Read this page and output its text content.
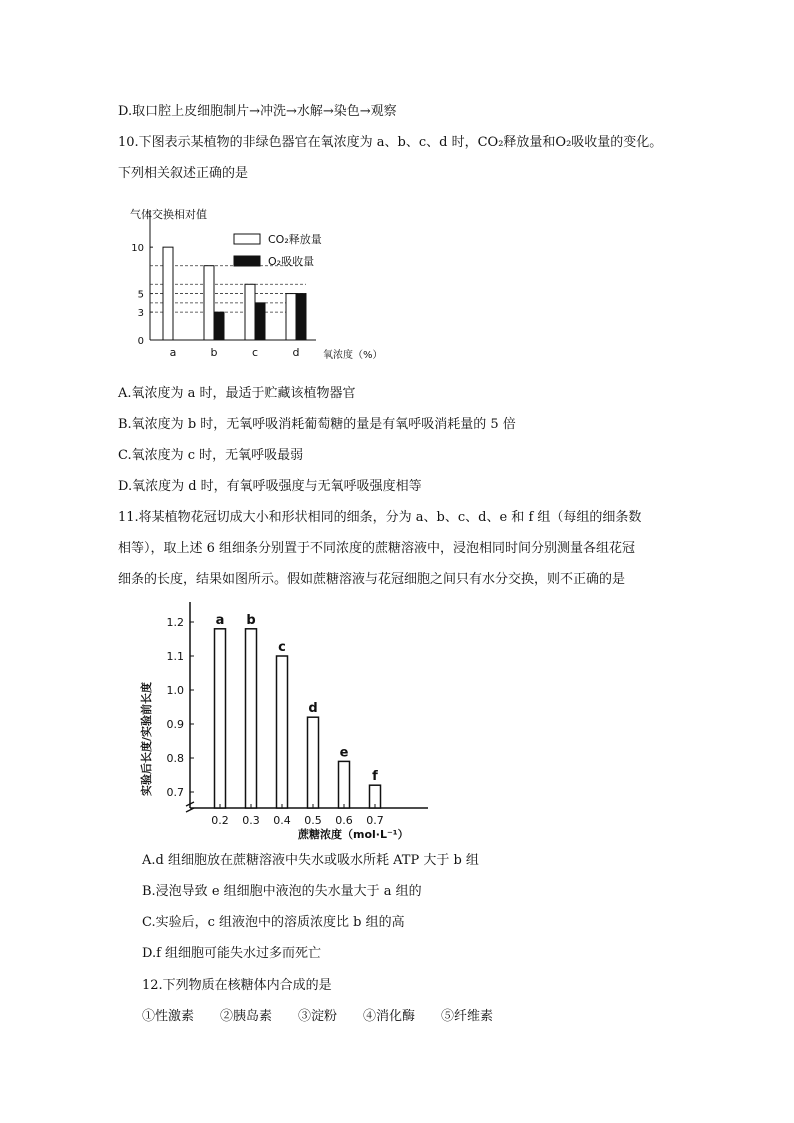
D.取口腔上皮细胞制片→冲洗→水解→染色→观察
10.下图表示某植物的非绿色器官在氧浓度为 a、b、c、d 时，CO₂释放量和O₂吸收量的变化。
下列相关叙述正确的是
气体交换相对值
氧浓度（%）
0
3
5
10
a	b	c	d
CO₂释放量
O₂吸收量
A.氧浓度为 a 时，最适于贮藏该植物器官
B.氧浓度为 b 时，无氧呼吸消耗葡萄糖的量是有氧呼吸消耗量的 5 倍
C.氧浓度为 c 时，无氧呼吸最弱
D.氧浓度为 d 时，有氧呼吸强度与无氧呼吸强度相等
11.将某植物花冠切成大小和形状相同的细条，分为 a、b、c、d、e 和 f 组（每组的细条数
相等），取上述 6 组细条分别置于不同浓度的蔗糖溶液中，浸泡相同时间分别测量各组花冠
细条的长度，结果如图所示。假如蔗糖溶液与花冠细胞之间只有水分交换，则不正确的是
实验后长度/实验前长度
蔗糖浓度（mol·L⁻¹）
0.7
0.8
0.9
1.0
1.1
1.2 a
0.2
b
0.3
c
0.4
d
0.5
e
0.6
f
0.7
A.d 组细胞放在蔗糖溶液中失水或吸水所耗 ATP 大于 b 组
B.浸泡导致 e 组细胞中液泡的失水量大于 a 组的
C.实验后，c 组液泡中的溶质浓度比 b 组的高
D.f 组细胞可能失水过多而死亡
12.下列物质在核糖体内合成的是
①性激素　　②胰岛素　　③淀粉　　④消化酶　　⑤纤维素
